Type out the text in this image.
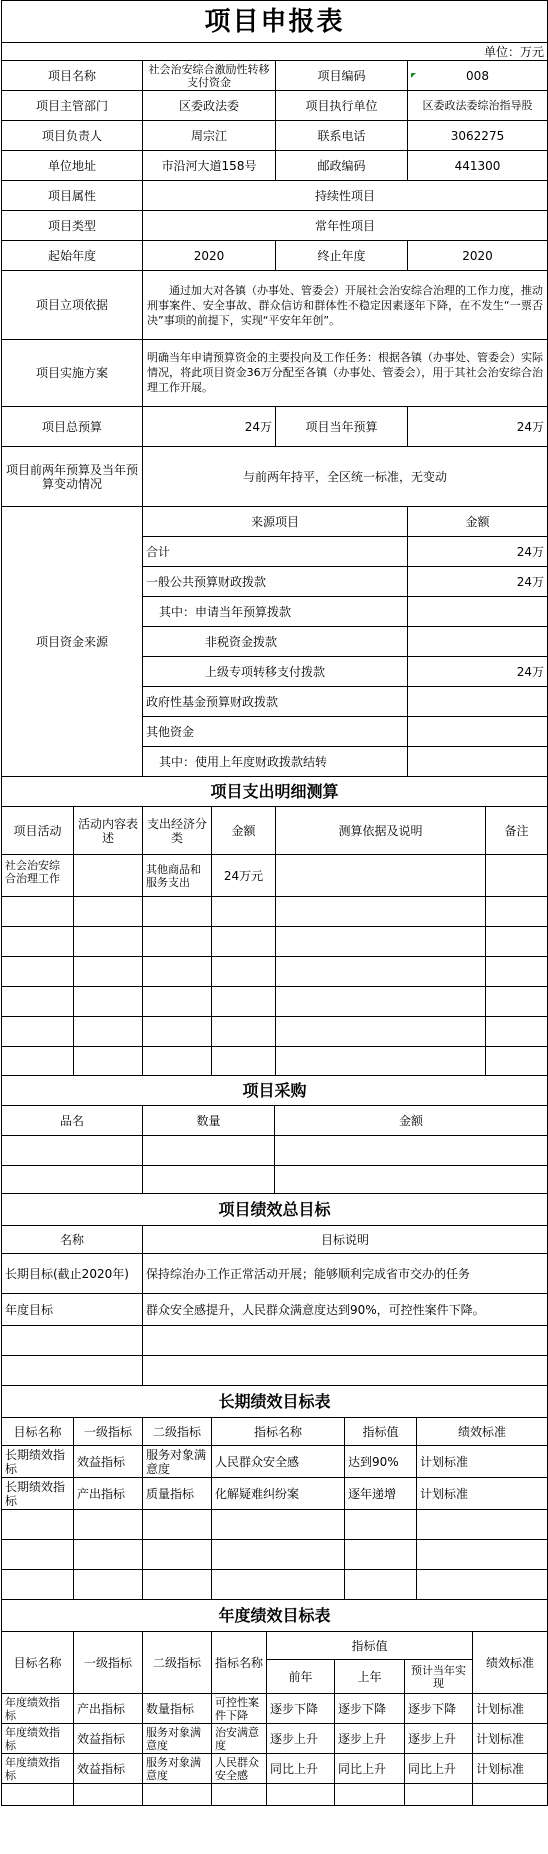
项目申报表
单位：万元
项目名称	社会治安综合激励性转移支付资金	项目编码	008
项目主管部门	区委政法委	项目执行单位	区委政法委综治指导股
项目负责人	周宗江	联系电话	3062275
单位地址	市沿河大道158号	邮政编码	441300
项目属性	持续性项目		
项目类型	常年性项目		
起始年度	2020	终止年度	2020
项目立项依据	通过加大对各镇（办事处、管委会）开展社会治安综合治理的工作力度，推动刑事案件、安全事故、群众信访和群体性不稳定因素逐年下降，在不发生“一票否决”事项的前提下，实现“平安年年创”。		
项目实施方案	明确当年申请预算资金的主要投向及工作任务：根据各镇（办事处、管委会）实际情况，将此项目资金36万分配至各镇（办事处、管委会），用于其社会治安综合治理工作开展。		
项目总预算	24万	项目当年预算	24万
项目前两年预算及当年预算变动情况	与前两年持平，全区统一标准，无变动		
项目资金来源	来源项目	金额
	合计	24万
	一般公共预算财政拨款	24万
	其中：申请当年预算拨款	
	非税资金拨款	
	上级专项转移支付拨款	24万
	政府性基金预算财政拨款	
	其他资金	
	其中：使用上年度财政拨款结转	
项目支出明细测算					
项目活动	活动内容表述	支出经济分类	金额	测算依据及说明	备注
社会治安综合治理工作		其他商品和服务支出	24万元		

项目采购		
品名	数量	金额

项目绩效总目标	
名称	目标说明
长期目标(截止2020年)	保持综治办工作正常活动开展；能够顺利完成省市交办的任务
年度目标	群众安全感提升，人民群众满意度达到90%，可控性案件下降。

长期绩效目标表					
目标名称	一级指标	二级指标	指标名称	指标值	绩效标准
长期绩效指标	效益指标	服务对象满意度	人民群众安全感	达到90%	计划标准
长期绩效指标	产出指标	质量指标	化解疑难纠纷案	逐年递增	计划标准

年度绩效目标表							
目标名称	一级指标	二级指标	指标名称	指标值			绩效标准
				前年	上年	预计当年实现	
年度绩效指标	产出指标	数量指标	可控性案件下降	逐步下降	逐步下降	逐步下降	计划标准
年度绩效指标	效益指标	服务对象满意度	治安满意度	逐步上升	逐步上升	逐步上升	计划标准
年度绩效指标	效益指标	服务对象满意度	人民群众安全感	同比上升	同比上升	同比上升	计划标准
